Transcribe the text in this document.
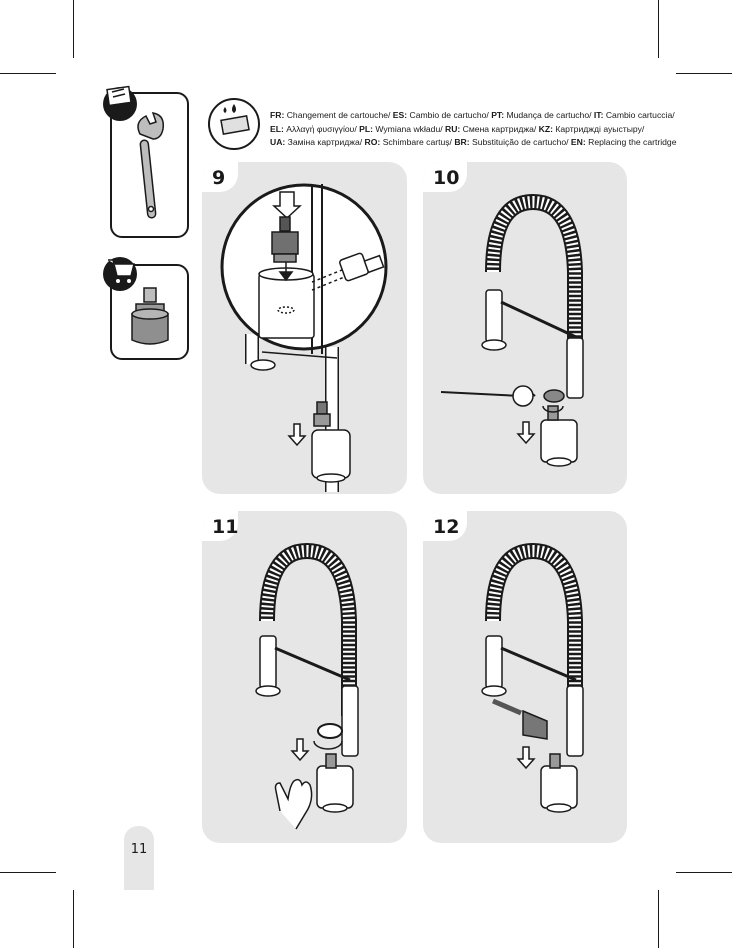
FR: Changement de cartouche/ ES: Cambio de cartucho/ PT: Mudança de cartucho/ IT: Cambio cartuccia/
EL: Αλλαγή φυσιγγίου/ PL: Wymiana wkładu/ RU: Смена картриджа/ KZ: Картриджді ауыстыру/
UA: Заміна картриджа/ RO: Schimbare cartuș/ BR: Substituição de cartucho/ EN: Replacing the cartridge
9	10
11	12
11
